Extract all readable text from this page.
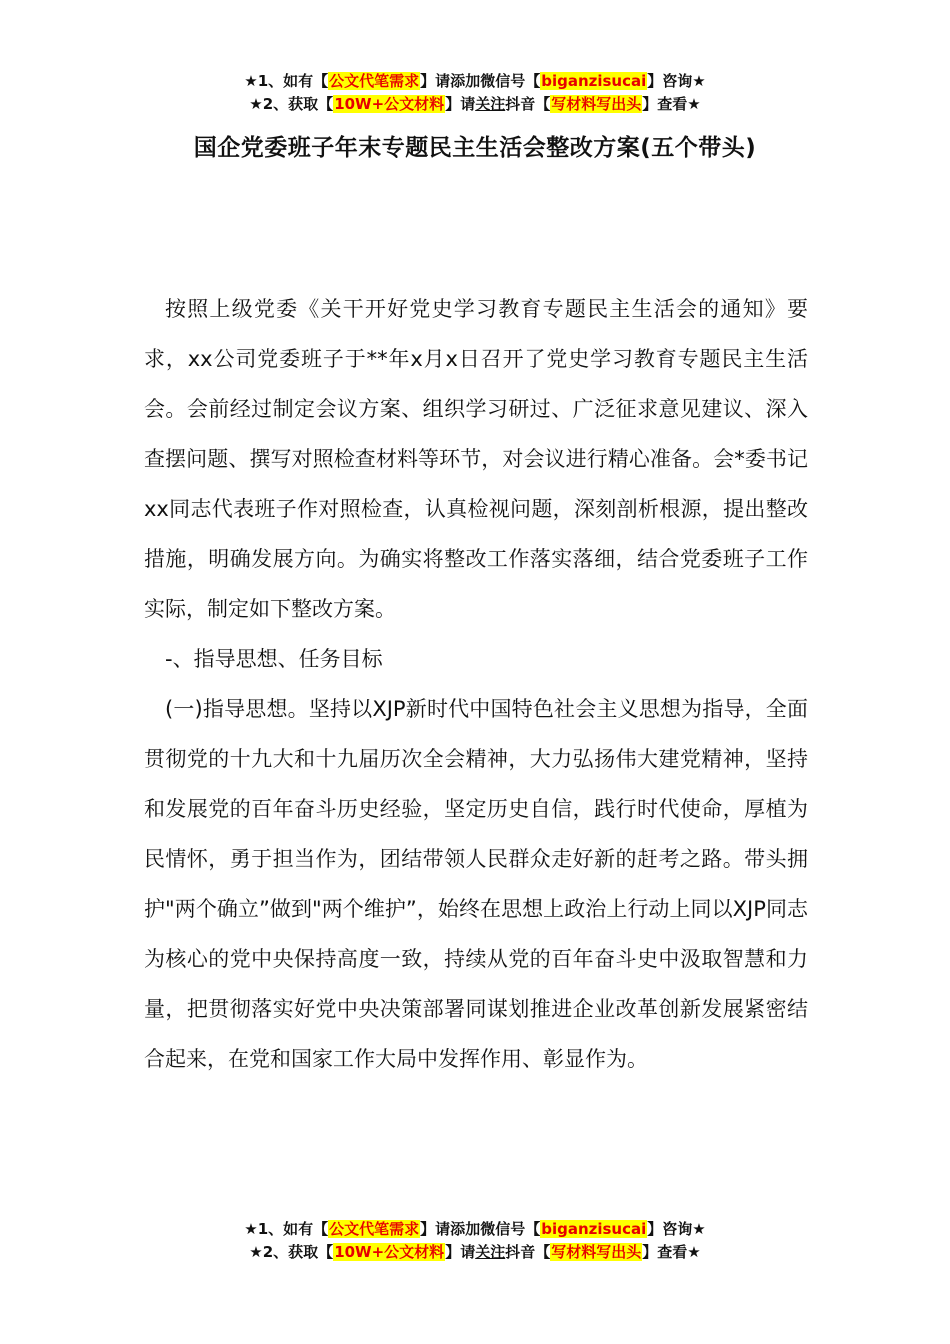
★1、如有【公文代笔需求】请添加微信号【biganzisucai】咨询★
★2、获取【10W+公文材料】请关注抖音【写材料写出头】查看★
国企党委班子年末专题民主生活会整改方案(五个带头)

按照上级党委《关干开好党史学习教育专题民主生活会的通知》要求，xx公司党委班子于**年x月x日召开了党史学习教育专题民主生活会。会前经过制定会议方案、组织学习研过、广泛征求意见建议、深入查摆问题、撰写对照检查材料等环节，对会议进行精心准备。会*委书记xx同志代表班子作对照检查，认真检视问题，深刻剖析根源，提出整改措施，明确发展方向。为确实将整改工作落实落细，结合党委班子工作实际，制定如下整改方案。

-、指导思想、任务目标

(一)指导思想。坚持以XJP新时代中国特色社会主义思想为指导，全面贯彻党的十九大和十九届历次全会精神，大力弘扬伟大建党精神，坚持和发展党的百年奋斗历史经验，坚定历史自信，践行时代使命，厚植为民情怀，勇于担当作为，团结带领人民群众走好新的赶考之路。带头拥护"两个确立”做到"两个维护”，始终在思想上政治上行动上同以XJP同志为核心的党中央保持高度一致，持续从党的百年奋斗史中汲取智慧和力量，把贯彻落实好党中央决策部署同谋划推进企业改革创新发展紧密结合起来，在党和国家工作大局中发挥作用、彰显作为。

★1、如有【公文代笔需求】请添加微信号【biganzisucai】咨询★
★2、获取【10W+公文材料】请关注抖音【写材料写出头】查看★
